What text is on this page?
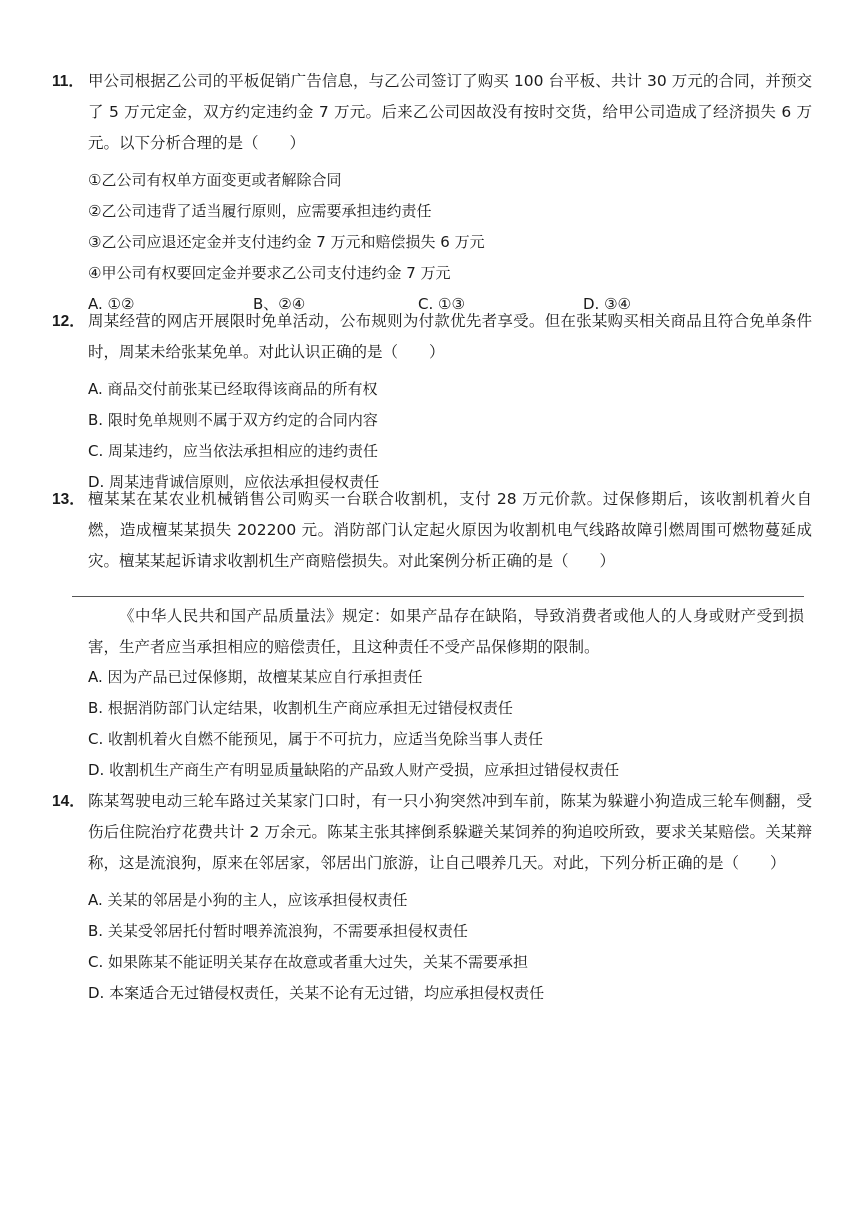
11． 甲公司根据乙公司的平板促销广告信息，与乙公司签订了购买 100 台平板、共计 30 万元的合同，并预交了 5 万元定金，双方约定违约金 7 万元。后来乙公司因故没有按时交货，给甲公司造成了经济损失 6 万元。以下分析合理的是（　　）
①乙公司有权单方面变更或者解除合同
②乙公司违背了适当履行原则，应需要承担违约责任
③乙公司应退还定金并支付违约金 7 万元和赔偿损失 6 万元
④甲公司有权要回定金并要求乙公司支付违约金 7 万元
A. ①②	B、②④	C. ①③	D. ③④
12． 周某经营的网店开展限时免单活动，公布规则为付款优先者享受。但在张某购买相关商品且符合免单条件时，周某未给张某免单。对此认识正确的是（　　）
A. 商品交付前张某已经取得该商品的所有权
B. 限时免单规则不属于双方约定的合同内容
C. 周某违约，应当依法承担相应的违约责任
D. 周某违背诚信原则，应依法承担侵权责任
13． 檀某某在某农业机械销售公司购买一台联合收割机，支付 28 万元价款。过保修期后，该收割机着火自燃，造成檀某某损失 202200 元。消防部门认定起火原因为收割机电气线路故障引燃周围可燃物蔓延成灾。檀某某起诉请求收割机生产商赔偿损失。对此案例分析正确的是（　　）

《中华人民共和国产品质量法》规定：如果产品存在缺陷，导致消费者或他人的人身或财产受到损害，生产者应当承担相应的赔偿责任，且这种责任不受产品保修期的限制。

A. 因为产品已过保修期，故檀某某应自行承担责任
B. 根据消防部门认定结果，收割机生产商应承担无过错侵权责任
C. 收割机着火自燃不能预见，属于不可抗力，应适当免除当事人责任
D. 收割机生产商生产有明显质量缺陷的产品致人财产受损，应承担过错侵权责任
14． 陈某驾驶电动三轮车路过关某家门口时，有一只小狗突然冲到车前，陈某为躲避小狗造成三轮车侧翻，受伤后住院治疗花费共计 2 万余元。陈某主张其摔倒系躲避关某饲养的狗追咬所致，要求关某赔偿。关某辩称，这是流浪狗，原来在邻居家，邻居出门旅游，让自己喂养几天。对此，下列分析正确的是（　　）
A. 关某的邻居是小狗的主人，应该承担侵权责任
B. 关某受邻居托付暂时喂养流浪狗，不需要承担侵权责任
C. 如果陈某不能证明关某存在故意或者重大过失，关某不需要承担
D. 本案适合无过错侵权责任，关某不论有无过错，均应承担侵权责任
